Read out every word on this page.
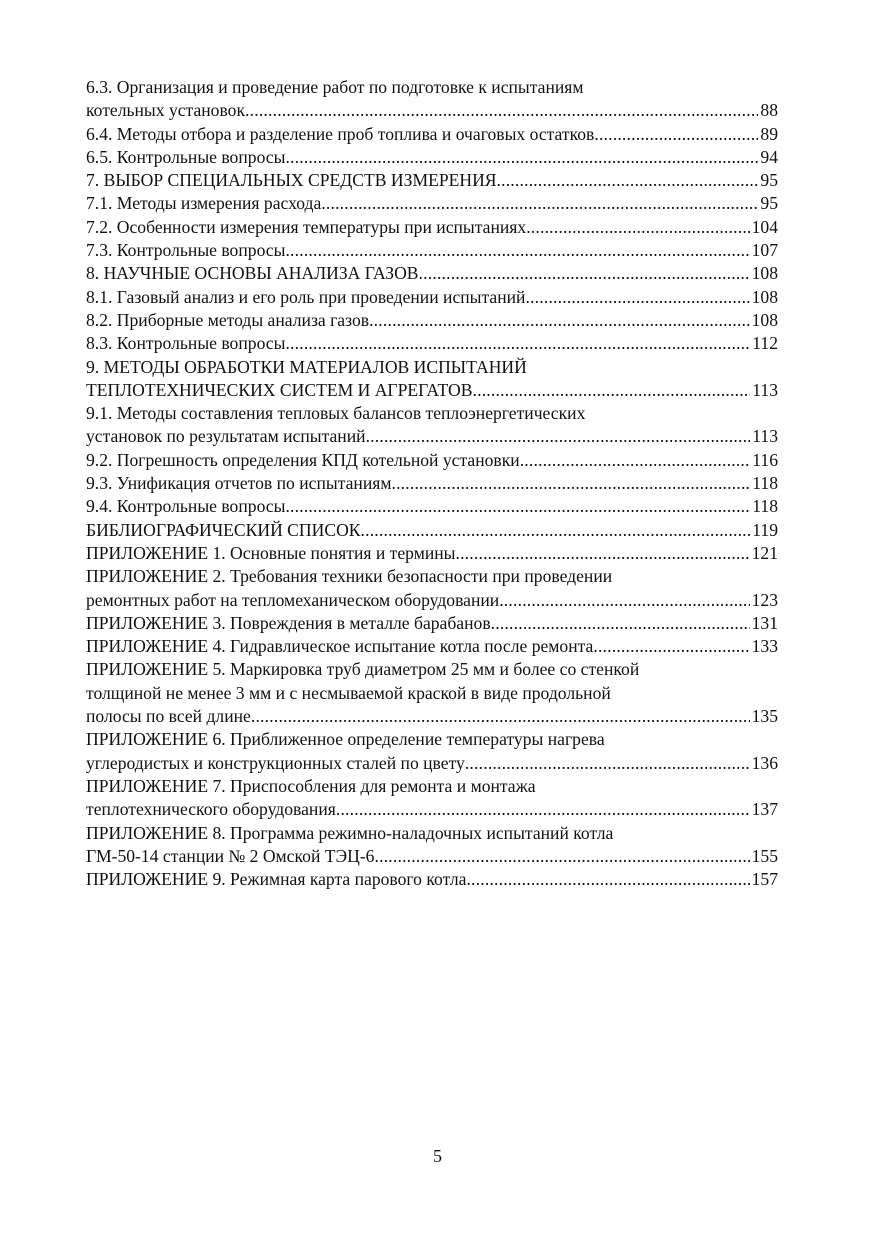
6.3. Организация и проведение работ по подготовке к испытаниям
котельных установок .....	88
6.4. Методы отбора и разделение проб топлива и очаговых остатков .....	89
6.5. Контрольные вопросы .....	94
7. ВЫБОР СПЕЦИАЛЬНЫХ СРЕДСТВ ИЗМЕРЕНИЯ .....	95
7.1. Методы измерения расхода .....	95
7.2. Особенности измерения температуры при испытаниях .....	104
7.3. Контрольные вопросы .....	107
8. НАУЧНЫЕ ОСНОВЫ АНАЛИЗА ГАЗОВ .....	108
8.1. Газовый анализ и его роль при проведении испытаний .....	108
8.2. Приборные методы анализа газов .....	108
8.3. Контрольные вопросы .....	112
9. МЕТОДЫ ОБРАБОТКИ МАТЕРИАЛОВ ИСПЫТАНИЙ
ТЕПЛОТЕХНИЧЕСКИХ СИСТЕМ И АГРЕГАТОВ .....	113
9.1. Методы составления тепловых балансов теплоэнергетических
установок по результатам испытаний .....	113
9.2. Погрешность определения КПД котельной установки .....	116
9.3. Унификация отчетов по испытаниям .....	118
9.4. Контрольные вопросы .....	118
БИБЛИОГРАФИЧЕСКИЙ СПИСОК .....	119
ПРИЛОЖЕНИЕ 1. Основные понятия и термины .....	121
ПРИЛОЖЕНИЕ 2. Требования техники безопасности при проведении
ремонтных работ на тепломеханическом оборудовании .....	123
ПРИЛОЖЕНИЕ 3. Повреждения в металле барабанов .....	131
ПРИЛОЖЕНИЕ 4. Гидравлическое испытание котла после ремонта .....	133
ПРИЛОЖЕНИЕ 5. Маркировка труб диаметром 25 мм и более со стенкой
толщиной не менее 3 мм и с несмываемой краской в виде продольной
полосы по всей длине .....	135
ПРИЛОЖЕНИЕ 6. Приближенное определение температуры нагрева
углеродистых и конструкционных сталей по цвету .....	136
ПРИЛОЖЕНИЕ 7. Приспособления для ремонта и монтажа
теплотехнического оборудования .....	137
ПРИЛОЖЕНИЕ 8. Программа режимно-наладочных испытаний котла
ГМ-50-14 станции № 2 Омской ТЭЦ-6 .....	155
ПРИЛОЖЕНИЕ 9. Режимная карта парового котла .....	157
5
